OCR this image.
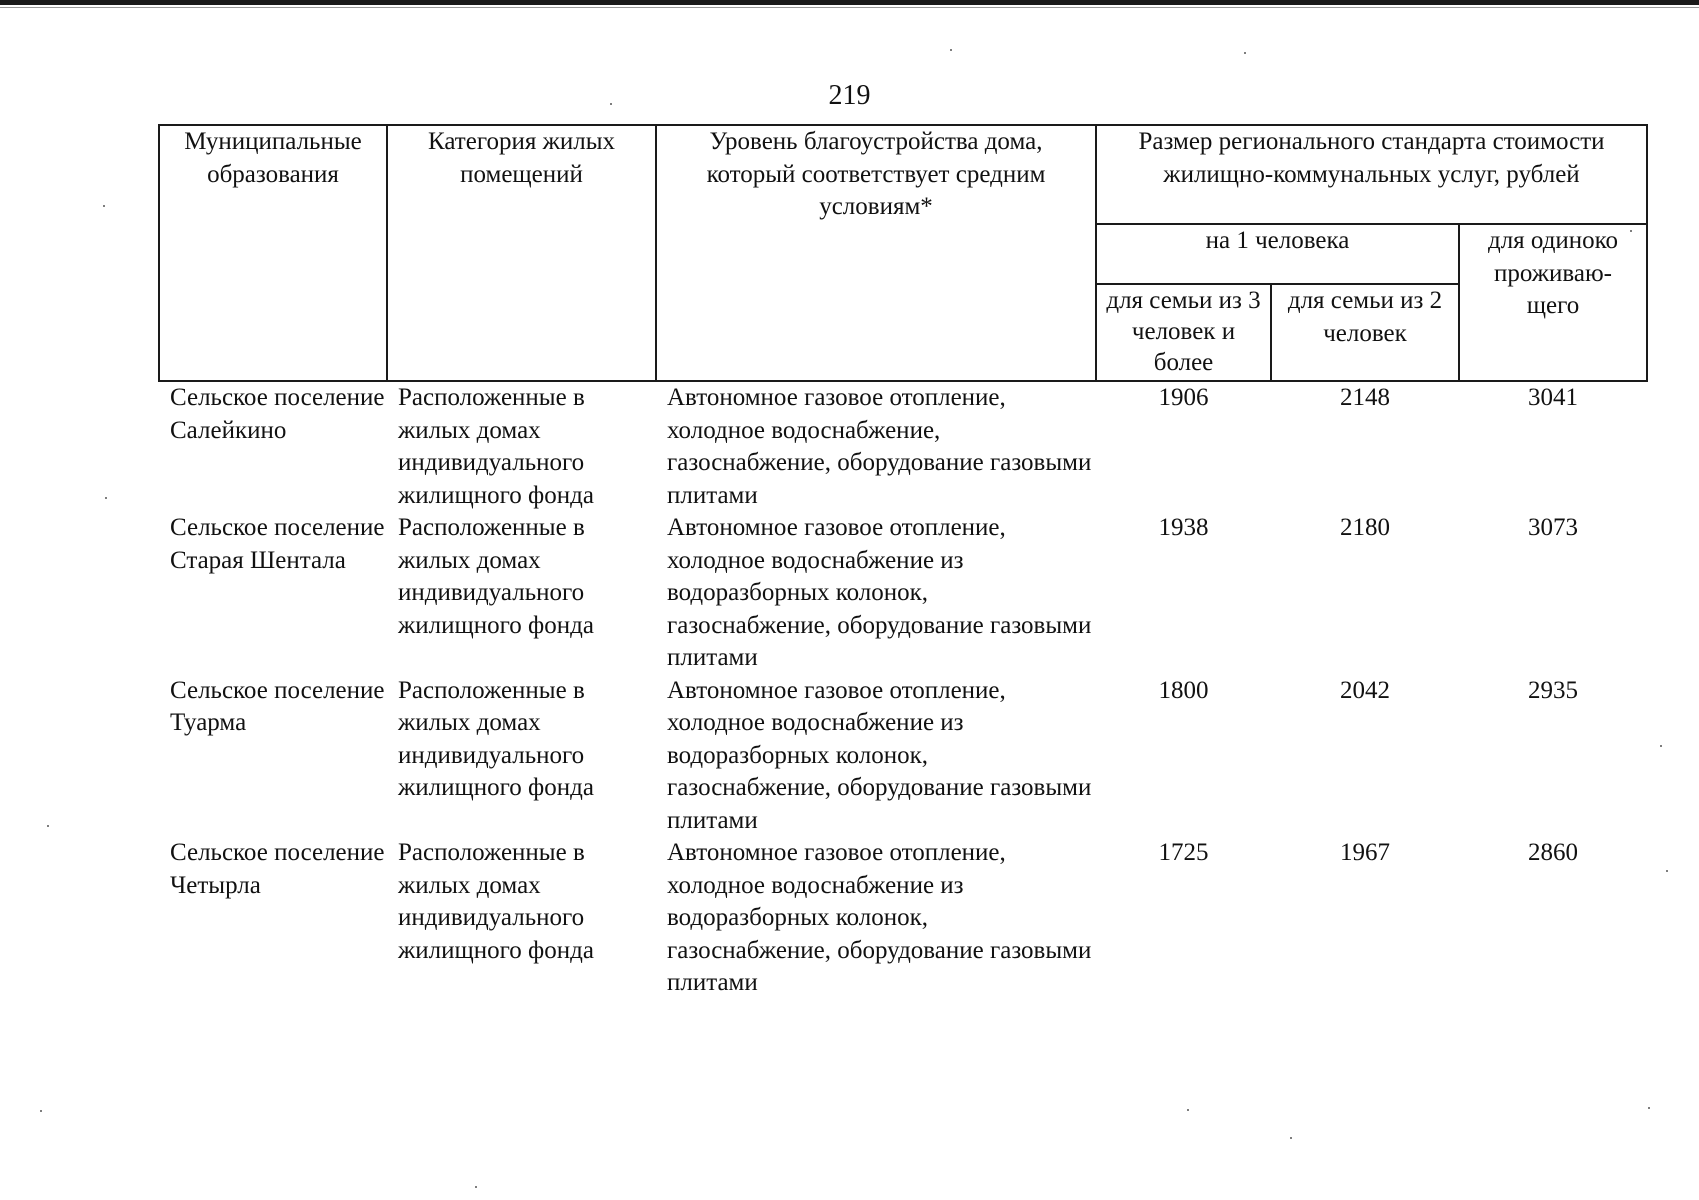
219
Муниципальные образования	Категория жилых помещений	Уровень благоустройства дома, который соответствует средним условиям*	Размер регионального стандарта стоимости жилищно-коммунальных услуг, рублей		
			на 1 человека		для одиноко проживаю-щего
			для семьи из 3 человек и более	для семьи из 2 человек	
Сельское поселение Салейкино	Расположенные в жилых домах индивидуального жилищного фонда	Автономное газовое отопление, холодное водоснабжение, газоснабжение, оборудование газовыми плитами	1906	2148	3041
Сельское поселение Старая Шентала	Расположенные в жилых домах индивидуального жилищного фонда	Автономное газовое отопление, холодное водоснабжение из водоразборных колонок, газоснабжение, оборудование газовыми плитами	1938	2180	3073
Сельское поселение Туарма	Расположенные в жилых домах индивидуального жилищного фонда	Автономное газовое отопление, холодное водоснабжение из водоразборных колонок, газоснабжение, оборудование газовыми плитами	1800	2042	2935
Сельское поселение Четырла	Расположенные в жилых домах индивидуального жилищного фонда	Автономное газовое отопление, холодное водоснабжение из водоразборных колонок, газоснабжение, оборудование газовыми плитами	1725	1967	2860
